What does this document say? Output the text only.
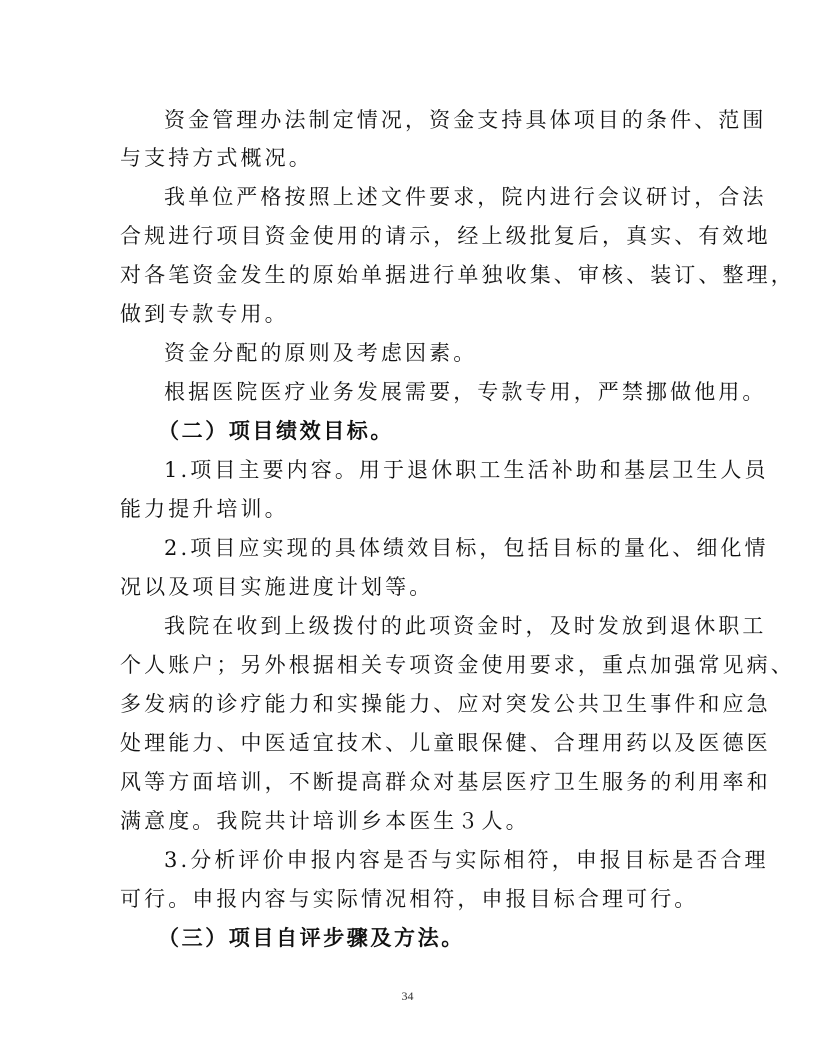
资金管理办法制定情况，资金支持具体项目的条件、范围
与支持方式概况。
我单位严格按照上述文件要求，院内进行会议研讨，合法
合规进行项目资金使用的请示，经上级批复后，真实、有效地
对各笔资金发生的原始单据进行单独收集、审核、装订、整理，
做到专款专用。
资金分配的原则及考虑因素。
根据医院医疗业务发展需要，专款专用，严禁挪做他用。
（二）项目绩效目标。
1.项目主要内容。用于退休职工生活补助和基层卫生人员
能力提升培训。
2.项目应实现的具体绩效目标，包括目标的量化、细化情
况以及项目实施进度计划等。
我院在收到上级拨付的此项资金时，及时发放到退休职工
个人账户；另外根据相关专项资金使用要求，重点加强常见病、
多发病的诊疗能力和实操能力、应对突发公共卫生事件和应急
处理能力、中医适宜技术、儿童眼保健、合理用药以及医德医
风等方面培训，不断提高群众对基层医疗卫生服务的利用率和
满意度。我院共计培训乡本医生３人。
3.分析评价申报内容是否与实际相符，申报目标是否合理
可行。申报内容与实际情况相符，申报目标合理可行。
（三）项目自评步骤及方法。
34
